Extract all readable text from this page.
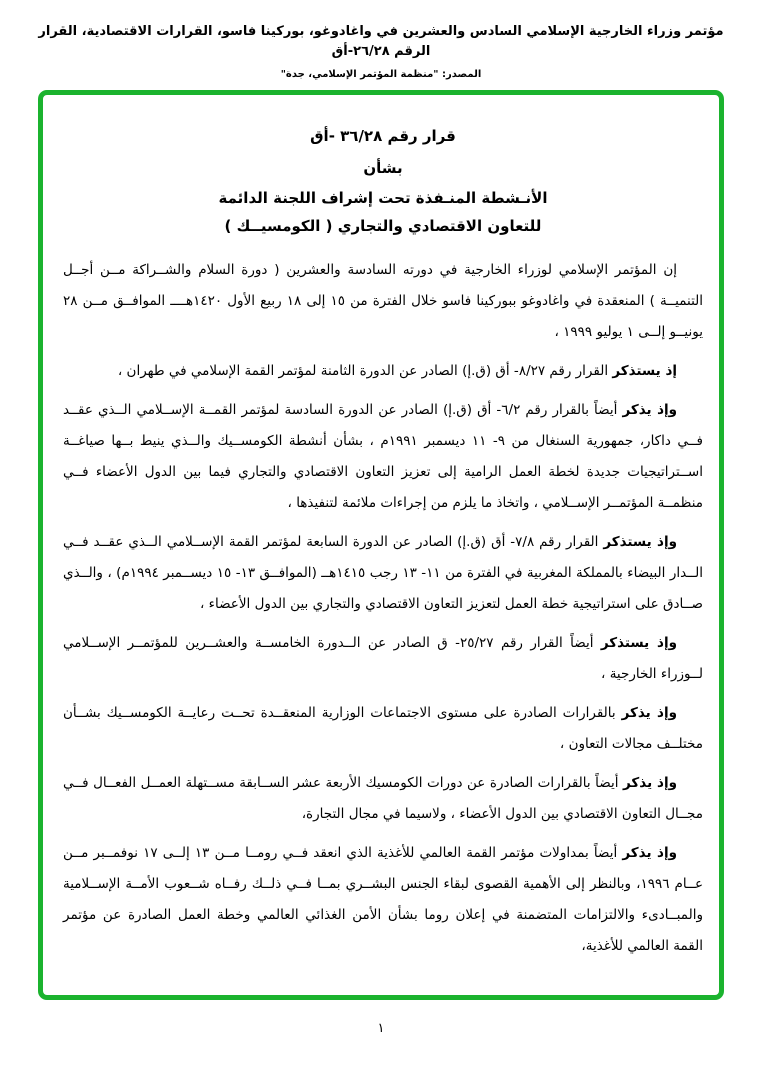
مؤتمر وزراء الخارجية الإسلامي السادس والعشرين في واغادوغو، بوركينا فاسو، القرارات الاقتصادية، القرار الرقم ٢٦/٢٨-أق
المصدر: "منظمة المؤتمر الإسلامي، جدة"
قرار رقم ٣٦/٢٨ -أق
بشأن
الأنـشطة المنـفذة تحت إشراف اللجنة الدائمة
للتعاون الاقتصادي والتجاري ( الكومسيــك )

إن المؤتمر الإسلامي لوزراء الخارجية في دورته السادسة والعشرين ( دورة السلام والشــراكة مــن أجــل التنميــة ) المنعقدة في واغادوغو ببوركينا فاسو خلال الفترة من ١٥ إلى ١٨ ربيع الأول ١٤٢٠هــــ الموافــق مــن ٢٨ يونيــو إلــى ١ يوليو ١٩٩٩ ،

إذ يستذكر القرار رقم ٨/٢٧- أق (ق.إ) الصادر عن الدورة الثامنة لمؤتمر القمة الإسلامي في طهران ،

وإذ يذكر أيضاً بالقرار رقم ٦/٢- أق (ق.إ) الصادر عن الدورة السادسة لمؤتمر القمــة الإســلامي الــذي عقــد فــي داكار، جمهورية السنغال من ٩- ١١ ديسمبر ١٩٩١م ، بشأن أنشطة الكومســيك والــذي ينيط بــها صياغــة اســتراتيجيات جديدة لخطة العمل الرامية إلى تعزيز التعاون الاقتصادي والتجاري فيما بين الدول الأعضاء فــي منظمــة المؤتمــر الإســلامي ، واتخاذ ما يلزم من إجراءات ملائمة لتنفيذها ،

وإذ يستذكر القرار رقم ٧/٨- أق (ق.إ) الصادر عن الدورة السابعة لمؤتمر القمة الإســلامي الــذي عقــد فــي الــدار البيضاء بالمملكة المغربية في الفترة من ١١- ١٣ رجب ١٤١٥هــ (الموافــق ١٣- ١٥ ديســمبر ١٩٩٤م) ، والــذي صــادق على استراتيجية خطة العمل لتعزيز التعاون الاقتصادي والتجاري بين الدول الأعضاء ،

وإذ يستذكر أيضاً القرار رقم ٢٥/٢٧- ق الصادر عن الــدورة الخامســة والعشــرين للمؤتمــر الإســلامي لــوزراء الخارجية ،

وإذ يذكر بالقرارات الصادرة على مستوى الاجتماعات الوزارية المنعقــدة تحــت رعايــة الكومســيك بشــأن مختلــف مجالات التعاون ،

وإذ يذكر أيضاً بالقرارات الصادرة عن دورات الكومسيك الأربعة عشر الســابقة مســتهلة العمــل الفعــال فــي مجــال التعاون الاقتصادي بين الدول الأعضاء ، ولاسيما في مجال التجارة،

وإذ يذكر أيضاً بمداولات مؤتمر القمة العالمي للأغذية الذي انعقد فــي رومــا مــن ١٣ إلــى ١٧ نوفمــبر مــن عــام ١٩٩٦، وبالنظر إلى الأهمية القصوى لبقاء الجنس البشــري بمــا فــي ذلــك رفــاه شــعوب الأمــة الإســلامية والمبــادىء والالتزامات المتضمنة في إعلان روما بشأن الأمن الغذائي العالمي وخطة العمل الصادرة عن مؤتمر القمة العالمي للأغذية،

١
